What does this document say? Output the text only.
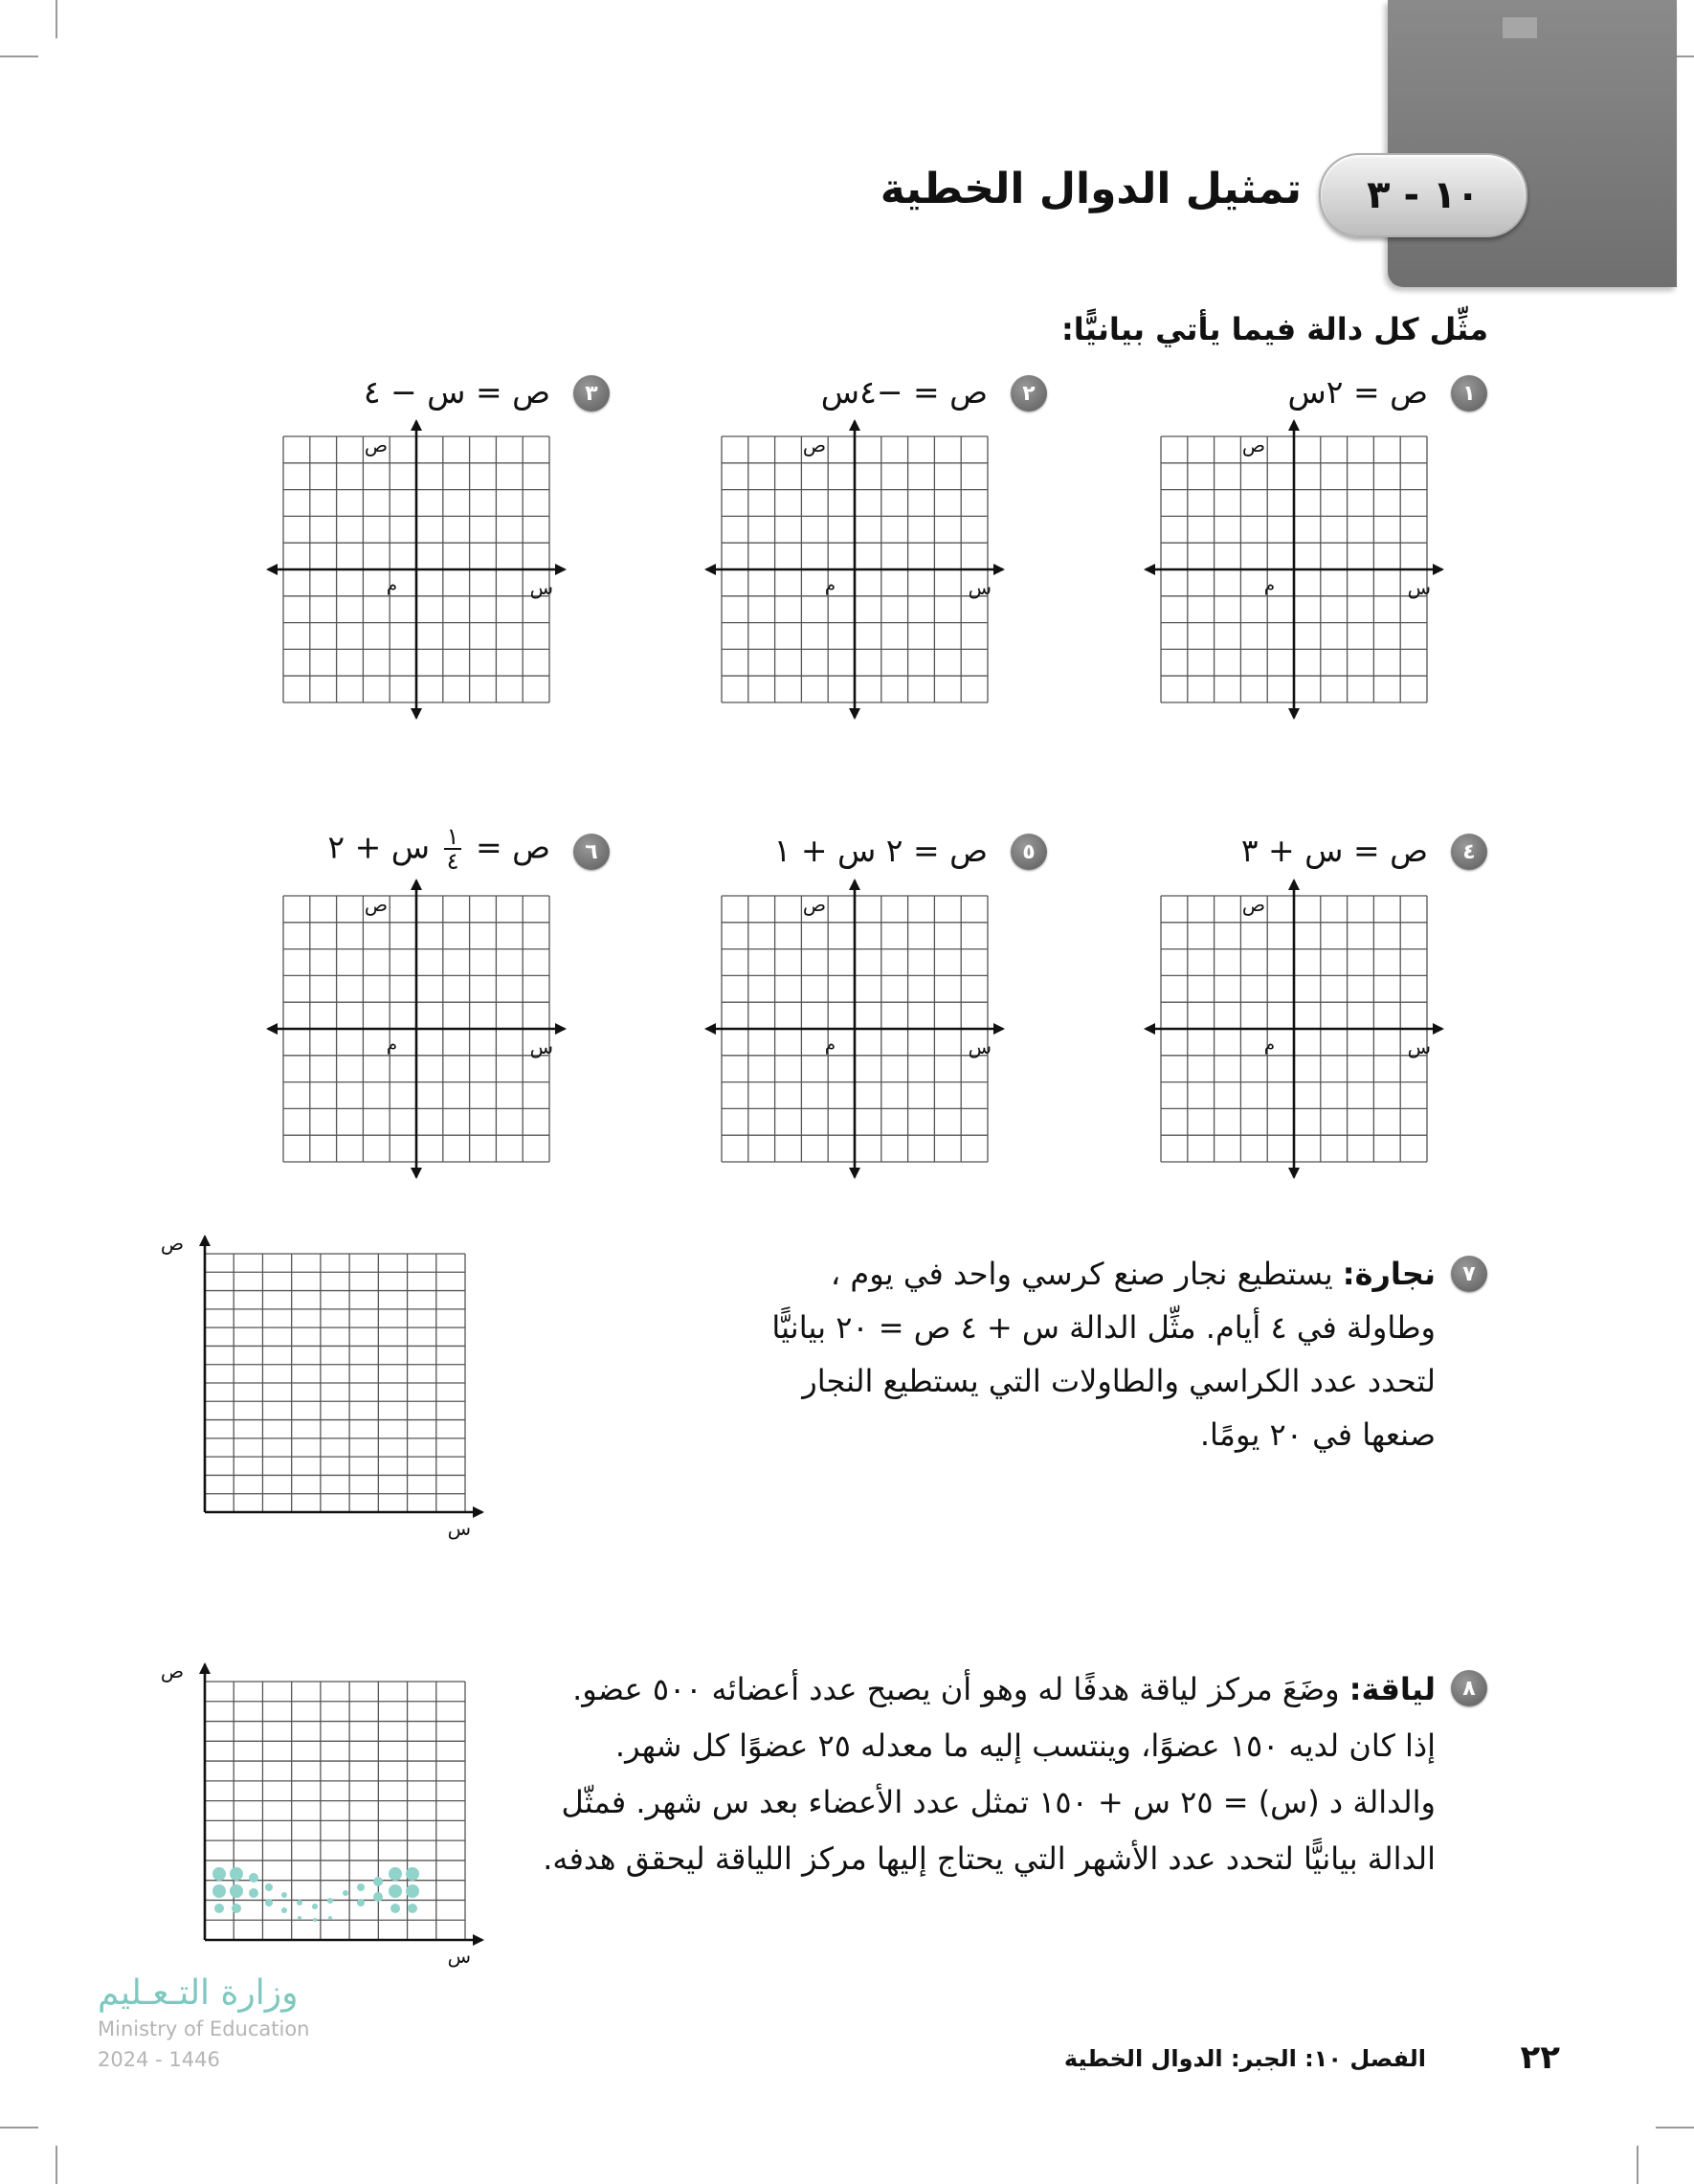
١٠ - ٣
تمثيل الدوال الخطية
مثِّل كل دالة فيما يأتي بيانيًّا:
١
ص = ٢س
٢
ص = −٤س
٣
ص = س − ٤
٤
ص = س + ٣
٥
ص = ٢ س + ١
٦
ص =
$\frac{١}{٤}$
س + ٢
س
ص
م
س
ص
م
س
ص
م
س
ص
م
س
ص
م
س
ص
م
س
ص
س
ص
٧
نجارة: يستطيع نجار صنع كرسي واحد في يوم ،
وطاولة في ٤ أيام. مثِّل الدالة س + ٤ ص = ٢٠ بيانيًّا
لتحدد عدد الكراسي والطاولات التي يستطيع النجار
صنعها في ٢٠ يومًا.
٨
لياقة: وضَعَ مركز لياقة هدفًا له وهو أن يصبح عدد أعضائه ٥٠٠ عضو.
إذا كان لديه ١٥٠ عضوًا، وينتسب إليه ما معدله ٢٥ عضوًا كل شهر.
والدالة د (س) = ٢٥ س + ١٥٠ تمثل عدد الأعضاء بعد س شهر. فمثّل
الدالة بيانيًّا لتحدد عدد الأشهر التي يحتاج إليها مركز اللياقة ليحقق هدفه.
وزارة التـعـليم
Ministry of Education
2024 - 1446	الفصل ١٠: الجبر: الدوال الخطية	٢٢
